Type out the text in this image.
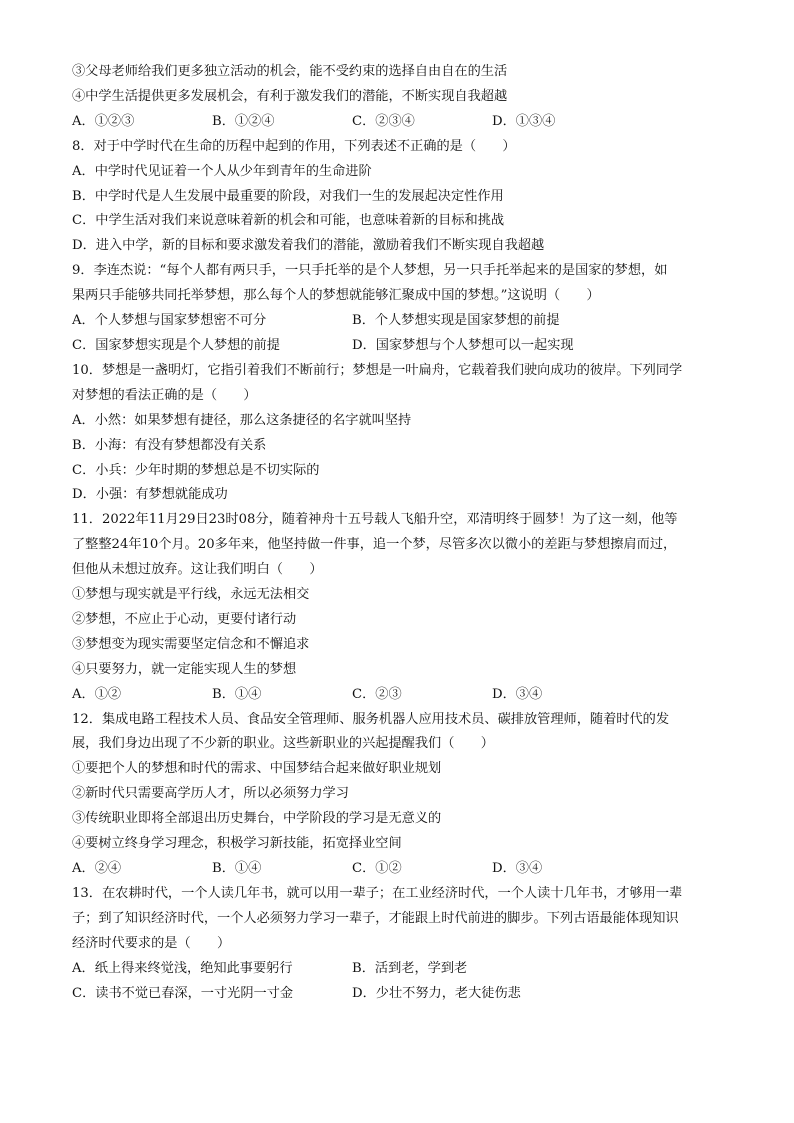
③父母老师给我们更多独立活动的机会，能不受约束的选择自由自在的生活
④中学生活提供更多发展机会，有利于激发我们的潜能，不断实现自我超越
A．①②③	B．①②④	C．②③④	D．①③④
8．对于中学时代在生命的历程中起到的作用，下列表述不正确的是（　　）
A．中学时代见证着一个人从少年到青年的生命进阶
B．中学时代是人生发展中最重要的阶段，对我们一生的发展起决定性作用
C．中学生活对我们来说意味着新的机会和可能，也意味着新的目标和挑战
D．进入中学，新的目标和要求激发着我们的潜能，激励着我们不断实现自我超越
9．李连杰说：“每个人都有两只手，一只手托举的是个人梦想，另一只手托举起来的是国家的梦想，如
果两只手能够共同托举梦想，那么每个人的梦想就能够汇聚成中国的梦想。”这说明（　　）
A．个人梦想与国家梦想密不可分	B．个人梦想实现是国家梦想的前提
C．国家梦想实现是个人梦想的前提	D．国家梦想与个人梦想可以一起实现
10．梦想是一盏明灯，它指引着我们不断前行；梦想是一叶扁舟，它载着我们驶向成功的彼岸。下列同学
对梦想的看法正确的是（　　）
A．小然：如果梦想有捷径，那么这条捷径的名字就叫坚持
B．小海：有没有梦想都没有关系
C．小兵：少年时期的梦想总是不切实际的
D．小强：有梦想就能成功
11．2022年11月29日23时08分，随着神舟十五号载人飞船升空，邓清明终于圆梦！为了这一刻，他等
了整整24年10个月。20多年来，他坚持做一件事，追一个梦，尽管多次以微小的差距与梦想擦肩而过，
但他从未想过放弃。这让我们明白（　　）
①梦想与现实就是平行线，永远无法相交
②梦想，不应止于心动，更要付诸行动
③梦想变为现实需要坚定信念和不懈追求
④只要努力，就一定能实现人生的梦想
A．①②	B．①④	C．②③	D．③④
12．集成电路工程技术人员、食品安全管理师、服务机器人应用技术员、碳排放管理师，随着时代的发
展，我们身边出现了不少新的职业。这些新职业的兴起提醒我们（　　）
①要把个人的梦想和时代的需求、中国梦结合起来做好职业规划
②新时代只需要高学历人才，所以必须努力学习
③传统职业即将全部退出历史舞台，中学阶段的学习是无意义的
④要树立终身学习理念，积极学习新技能，拓宽择业空间
A．②④	B．①④	C．①②	D．③④
13．在农耕时代，一个人读几年书，就可以用一辈子；在工业经济时代，一个人读十几年书，才够用一辈
子；到了知识经济时代，一个人必须努力学习一辈子，才能跟上时代前进的脚步。下列古语最能体现知识
经济时代要求的是（　　）
A．纸上得来终觉浅，绝知此事要躬行	B．活到老，学到老
C．读书不觉已春深，一寸光阴一寸金	D．少壮不努力，老大徒伤悲
